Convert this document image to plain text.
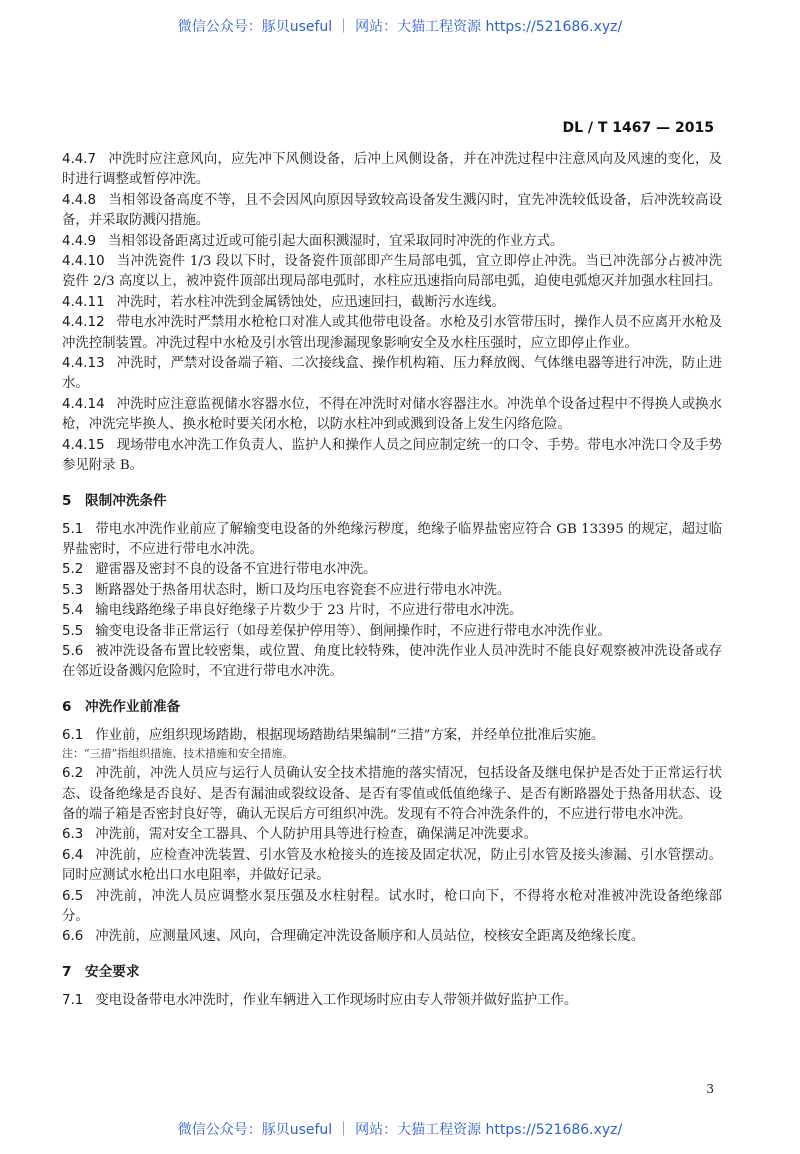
微信公众号：豚贝useful ｜ 网站：大猫工程资源 https://521686.xyz/
DL / T 1467 — 2015

4.4.7 冲洗时应注意风向，应先冲下风侧设备，后冲上风侧设备，并在冲洗过程中注意风向及风速的变化，及时进行调整或暂停冲洗。

4.4.8 当相邻设备高度不等，且不会因风向原因导致较高设备发生溅闪时，宜先冲洗较低设备，后冲洗较高设备，并采取防溅闪措施。

4.4.9 当相邻设备距离过近或可能引起大面积溅湿时，宜采取同时冲洗的作业方式。

4.4.10 当冲洗瓷件 1/3 段以下时，设备瓷件顶部即产生局部电弧，宜立即停止冲洗。当已冲洗部分占被冲洗瓷件 2/3 高度以上，被冲瓷件顶部出现局部电弧时，水柱应迅速指向局部电弧，迫使电弧熄灭并加强水柱回扫。

4.4.11 冲洗时，若水柱冲洗到金属锈蚀处，应迅速回扫，截断污水连线。

4.4.12 带电水冲洗时严禁用水枪枪口对准人或其他带电设备。水枪及引水管带压时，操作人员不应离开水枪及冲洗控制装置。冲洗过程中水枪及引水管出现渗漏现象影响安全及水柱压强时，应立即停止作业。

4.4.13 冲洗时，严禁对设备端子箱、二次接线盒、操作机构箱、压力释放阀、气体继电器等进行冲洗，防止进水。

4.4.14 冲洗时应注意监视储水容器水位，不得在冲洗时对储水容器注水。冲洗单个设备过程中不得换人或换水枪，冲洗完毕换人、换水枪时要关闭水枪，以防水柱冲到或溅到设备上发生闪络危险。

4.4.15 现场带电水冲洗工作负责人、监护人和操作人员之间应制定统一的口令、手势。带电水冲洗口令及手势参见附录 B。

5　限制冲洗条件

5.1 带电水冲洗作业前应了解输变电设备的外绝缘污秽度，绝缘子临界盐密应符合 GB 13395 的规定，超过临界盐密时，不应进行带电水冲洗。

5.2 避雷器及密封不良的设备不宜进行带电水冲洗。

5.3 断路器处于热备用状态时，断口及均压电容瓷套不应进行带电水冲洗。

5.4 输电线路绝缘子串良好绝缘子片数少于 23 片时，不应进行带电水冲洗。

5.5 输变电设备非正常运行（如母差保护停用等）、倒闸操作时，不应进行带电水冲洗作业。

5.6 被冲洗设备布置比较密集，或位置、角度比较特殊，使冲洗作业人员冲洗时不能良好观察被冲洗设备或存在邻近设备溅闪危险时，不宜进行带电水冲洗。

6　冲洗作业前准备

6.1 作业前，应组织现场踏勘，根据现场踏勘结果编制“三措”方案，并经单位批准后实施。

注：“三措”指组织措施、技术措施和安全措施。

6.2 冲洗前，冲洗人员应与运行人员确认安全技术措施的落实情况，包括设备及继电保护是否处于正常运行状态、设备绝缘是否良好、是否有漏油或裂纹设备、是否有零值或低值绝缘子、是否有断路器处于热备用状态、设备的端子箱是否密封良好等，确认无误后方可组织冲洗。发现有不符合冲洗条件的，不应进行带电水冲洗。

6.3 冲洗前，需对安全工器具、个人防护用具等进行检查，确保满足冲洗要求。

6.4 冲洗前，应检查冲洗装置、引水管及水枪接头的连接及固定状况，防止引水管及接头渗漏、引水管摆动。同时应测试水枪出口水电阻率，并做好记录。

6.5 冲洗前，冲洗人员应调整水泵压强及水柱射程。试水时，枪口向下，不得将水枪对准被冲洗设备绝缘部分。

6.6 冲洗前，应测量风速、风向，合理确定冲洗设备顺序和人员站位，校核安全距离及绝缘长度。

7　安全要求

7.1 变电设备带电水冲洗时，作业车辆进入工作现场时应由专人带领并做好监护工作。

3
微信公众号：豚贝useful ｜ 网站：大猫工程资源 https://521686.xyz/
